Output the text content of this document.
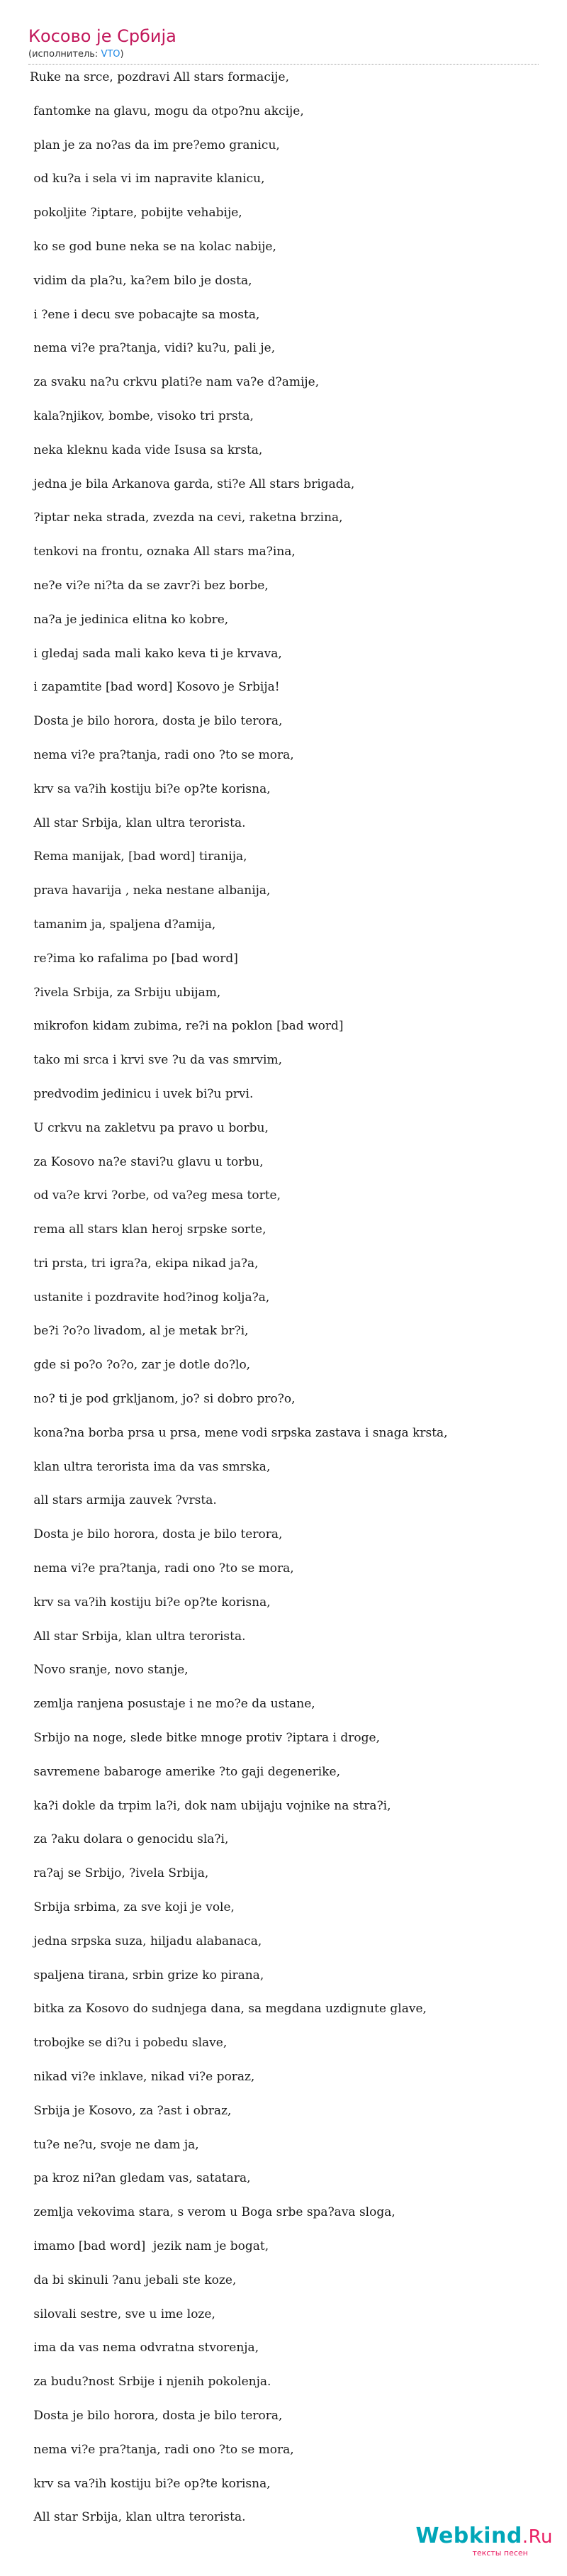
Косово је Србија
(исполнитель: VTO)
Ruke na srce, pozdravi All stars formacije,
fantomke na glavu, mogu da otpo?nu akcije,
plan je za no?as da im pre?emo granicu,
od ku?a i sela vi im napravite klanicu,
pokoljite ?iptare, pobijte vehabije,
ko se god bune neka se na kolac nabije,
vidim da pla?u, ka?em bilo je dosta,
i ?ene i decu sve pobacajte sa mosta,
nema vi?e pra?tanja, vidi? ku?u, pali je,
za svaku na?u crkvu plati?e nam va?e d?amije,
kala?njikov, bombe, visoko tri prsta,
neka kleknu kada vide Isusa sa krsta,
jedna je bila Arkanova garda, sti?e All stars brigada,
?iptar neka strada, zvezda na cevi, raketna brzina,
tenkovi na frontu, oznaka All stars ma?ina,
ne?e vi?e ni?ta da se zavr?i bez borbe,
na?a je jedinica elitna ko kobre,
i gledaj sada mali kako keva ti je krvava,
i zapamtite [bad word] Kosovo je Srbija!
Dosta je bilo horora, dosta je bilo terora,
nema vi?e pra?tanja, radi ono ?to se mora,
krv sa va?ih kostiju bi?e op?te korisna,
All star Srbija, klan ultra teroristа.
Rema manijak, [bad word] tiranija,
prava havarija , neka nestane albanija,
tamanim ja, spaljena d?amija,
re?ima ko rafalima po [bad word]
?ivela Srbija, za Srbiju ubijam,
mikrofon kidam zubima, re?i na poklon [bad word]
tako mi srca i krvi sve ?u da vas smrvim,
predvodim jedinicu i uvek bi?u prvi.
U crkvu na zakletvu pa pravo u borbu,
za Kosovo na?e stavi?u glavu u torbu,
od va?e krvi ?orbe, od va?eg mesa torte,
rema all stars klan heroj srpske sorte,
tri prsta, tri igra?a, ekipa nikad ja?a,
ustanite i pozdravite hod?inog kolja?a,
be?i ?o?o livadom, al je metak br?i,
gde si po?o ?o?o, zar je dotle do?lo,
no? ti je pod grkljanom, jo? si dobro pro?o,
kona?na borba prsa u prsa, mene vodi srpska zastava i snaga krsta,
klan ultra teroristа ima da vas smrska,
all stars armija zauvek ?vrsta.
Dosta je bilo horora, dosta je bilo terora,
nema vi?e pra?tanja, radi ono ?to se mora,
krv sa va?ih kostiju bi?e op?te korisna,
All star Srbija, klan ultra teroristа.
Novo sranje, novo stanje,
zemlja ranjena posustaje i ne mo?e da ustane,
Srbijo na noge, slede bitke mnoge protiv ?iptara i droge,
savremene babaroge amerike ?to gaji degenerike,
ka?i dokle da trpim la?i, dok nam ubijaju vojnike na stra?i,
za ?aku dolara o genocidu sla?i,
ra?aj se Srbijo, ?ivela Srbija,
Srbija srbima, za sve koji je vole,
jedna srpska suza, hiljadu alabanaca,
spaljena tirana, srbin grize ko pirana,
bitka za Kosovo do sudnjega dana, sa megdana uzdignute glave,
trobojke se di?u i pobedu slave,
nikad vi?e inklave, nikad vi?e poraz,
Srbija je Kosovo, za ?ast i obraz,
tu?e ne?u, svoje ne dam ja,
pa kroz ni?an gledam vas, satatara,
zemlja vekovima stara, s verom u Boga srbe spa?ava sloga,
imamo [bad word]  jezik nam je bogat,
da bi skinuli ?anu jebali ste koze,
silovali sestre, sve u ime loze,
ima da vas nema odvratna stvorenja,
za budu?nost Srbije i njenih pokolenja.
Dosta je bilo horora, dosta je bilo terora,
nema vi?e pra?tanja, radi ono ?to se mora,
krv sa va?ih kostiju bi?e op?te korisna,
All star Srbija, klan ultra teroristа.
Webkind.Ru
тексты песен
